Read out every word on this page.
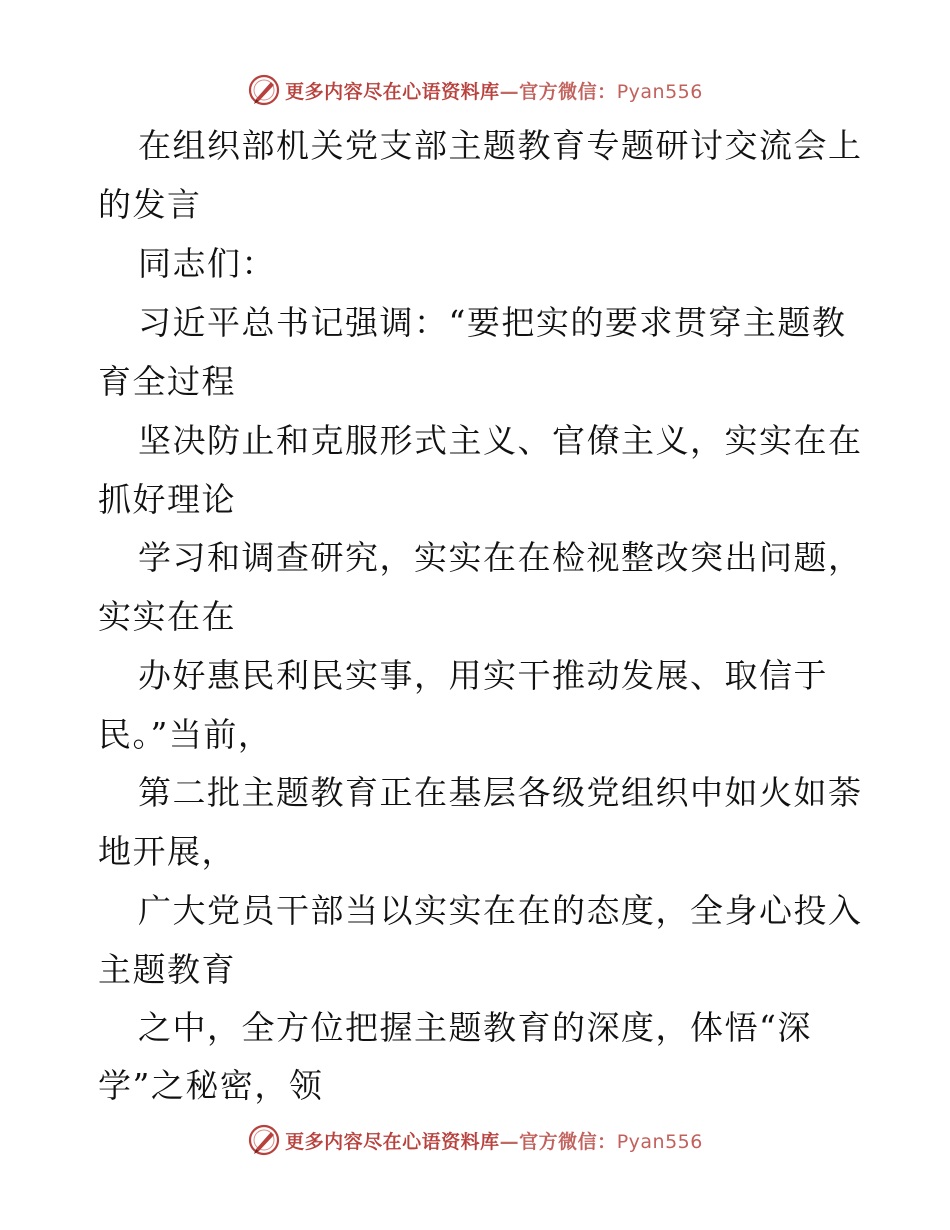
更多内容尽在心语资料库—官方微信：Pyan556
在组织部机关党支部主题教育专题研讨交流会上
的发言
同志们：
习近平总书记强调：“要把实的要求贯穿主题教
育全过程
坚决防止和克服形式主义、官僚主义，实实在在
抓好理论
学习和调查研究，实实在在检视整改突出问题，
实实在在
办好惠民利民实事，用实干推动发展、取信于
民。”当前，
第二批主题教育正在基层各级党组织中如火如荼
地开展，
广大党员干部当以实实在在的态度，全身心投入
主题教育
之中，全方位把握主题教育的深度，体悟“深
学”之秘密，领
更多内容尽在心语资料库—官方微信：Pyan556
